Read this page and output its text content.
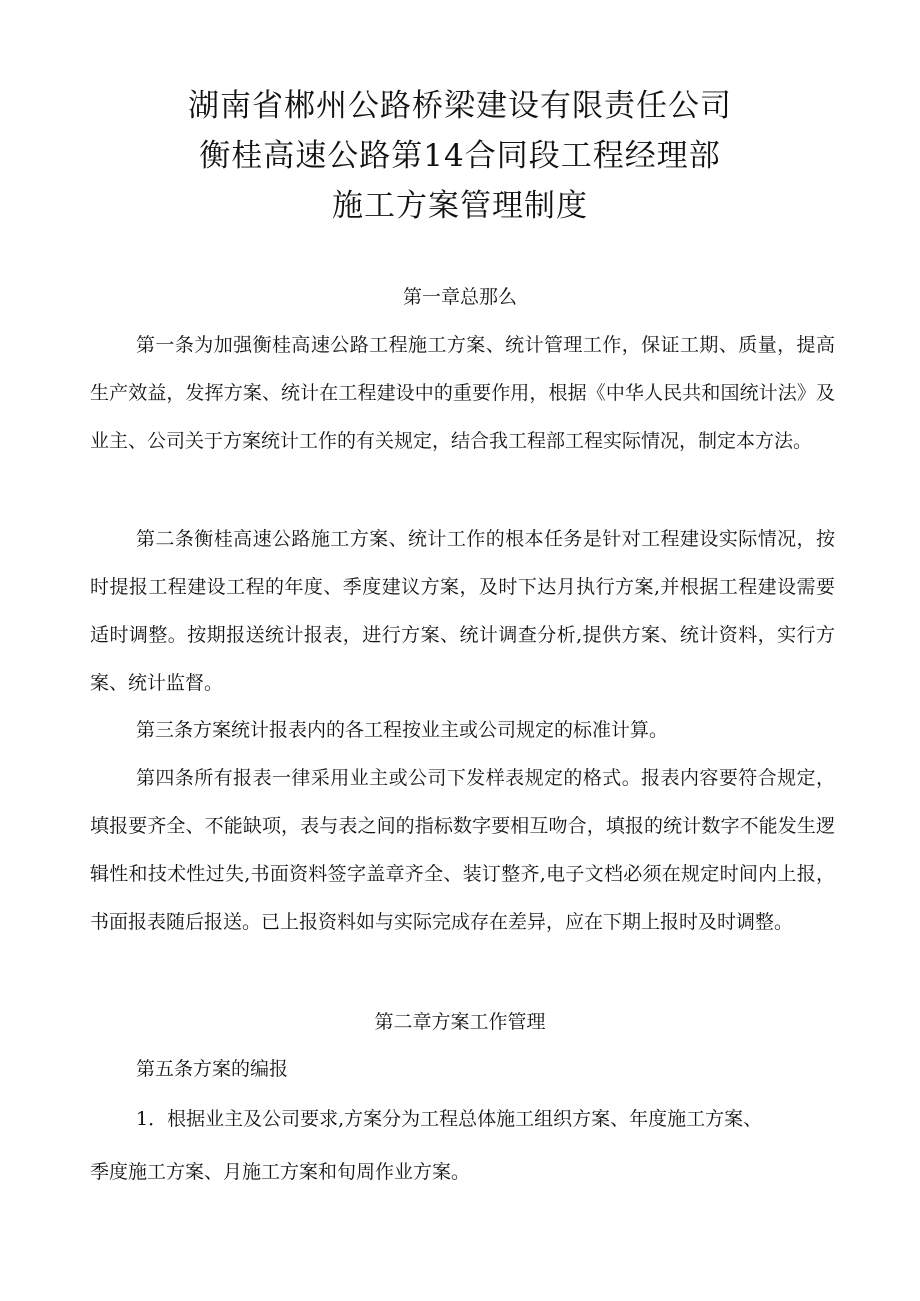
湖南省郴州公路桥梁建设有限责任公司
衡桂高速公路第14合同段工程经理部
施工方案管理制度
第一章总那么
第一条为加强衡桂高速公路工程施工方案、统计管理工作，保证工期、质量，提高生产效益，发挥方案、统计在工程建设中的重要作用，根据《中华人民共和国统计法》及业主、公司关于方案统计工作的有关规定，结合我工程部工程实际情况，制定本方法。
第二条衡桂高速公路施工方案、统计工作的根本任务是针对工程建设实际情况，按时提报工程建设工程的年度、季度建议方案，及时下达月执行方案,并根据工程建设需要适时调整。按期报送统计报表，进行方案、统计调查分析,提供方案、统计资料，实行方案、统计监督。
第三条方案统计报表内的各工程按业主或公司规定的标准计算。
第四条所有报表一律采用业主或公司下发样表规定的格式。报表内容要符合规定，填报要齐全、不能缺项，表与表之间的指标数字要相互吻合，填报的统计数字不能发生逻辑性和技术性过失,书面资料签字盖章齐全、装订整齐,电子文档必须在规定时间内上报，书面报表随后报送。已上报资料如与实际完成存在差异，应在下期上报时及时调整。
第二章方案工作管理
第五条方案的编报
1．根据业主及公司要求,方案分为工程总体施工组织方案、年度施工方案、
季度施工方案、月施工方案和旬周作业方案。
